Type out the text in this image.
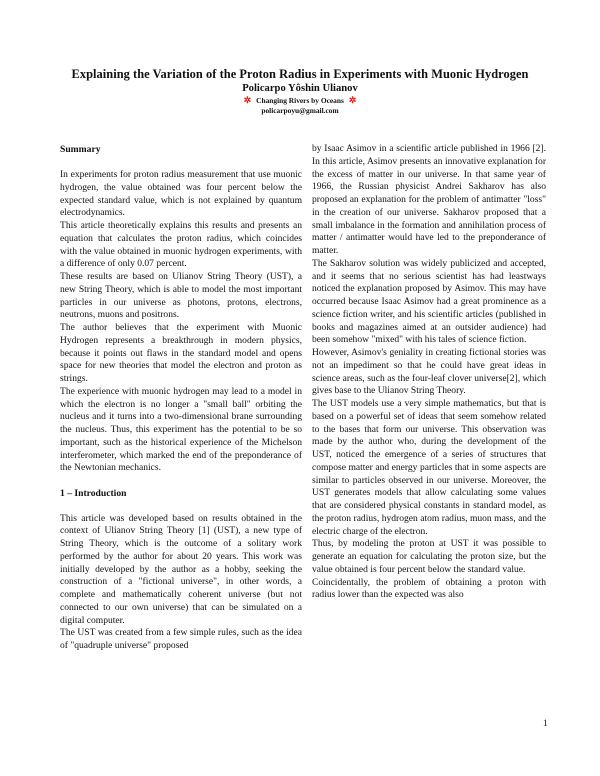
Explaining the Variation of the Proton Radius in Experiments with Muonic Hydrogen

Policarpo Yôshin Ulianov

✲ Changing Rivers by Oceans ✲

policarpoyu@gmail.com

Summary

In experiments for proton radius measurement that use muonic hydrogen, the value obtained was four percent below the expected standard value, which is not explained by quantum electrodynamics.

This article theoretically explains this results and presents an equation that calculates the proton radius, which coincides with the value obtained in muonic hydrogen experiments, with a difference of only 0.07 percent.

These results are based on Ulianov String Theory (UST), a new String Theory, which is able to model the most important particles in our universe as photons, protons, electrons, neutrons, muons and positrons.

The author believes that the experiment with Muonic Hydrogen represents a breakthrough in modern physics, because it points out flaws in the standard model and opens space for new theories that model the electron and proton as strings.

The experience with muonic hydrogen may lead to a model in which the electron is no longer a "small ball" orbiting the nucleus and it turns into a two-dimensional brane surrounding the nucleus. Thus, this experiment has the potential to be so important, such as the historical experience of the Michelson interferometer, which marked the end of the preponderance of the Newtonian mechanics.

1 – Introduction

This article was developed based on results obtained in the context of Ulianov String Theory [1] (UST), a new type of String Theory, which is the outcome of a solitary work performed by the author for about 20 years. This work was initially developed by the author as a hobby, seeking the construction of a "fictional universe", in other words, a complete and mathematically coherent universe (but not connected to our own universe) that can be simulated on a digital computer.

The UST was created from a few simple rules, such as the idea of "quadruple universe" proposed

by Isaac Asimov in a scientific article published in 1966 [2]. In this article, Asimov presents an innovative explanation for the excess of matter in our universe. In that same year of 1966, the Russian physicist Andrei Sakharov has also proposed an explanation for the problem of antimatter "loss" in the creation of our universe. Sakharov proposed that a small imbalance in the formation and annihilation process of matter / antimatter would have led to the preponderance of matter.

The Sakharov solution was widely publicized and accepted, and it seems that no serious scientist has had leastways noticed the explanation proposed by Asimov. This may have occurred because Isaac Asimov had a great prominence as a science fiction writer, and his scientific articles (published in books and magazines aimed at an outsider audience) had been somehow "mixed" with his tales of science fiction.

However, Asimov's geniality in creating fictional stories was not an impediment so that he could have great ideas in science areas, such as the four-leaf clover universe[2], which gives base to the Ulianov String Theory.

The UST models use a very simple mathematics, but that is based on a powerful set of ideas that seem somehow related to the bases that form our universe. This observation was made by the author who, during the development of the UST, noticed the emergence of a series of structures that compose matter and energy particles that in some aspects are similar to particles observed in our universe. Moreover, the UST generates models that allow calculating some values that are considered physical constants in standard model, as the proton radius, hydrogen atom radius, muon mass, and the electric charge of the electron.

Thus, by modeling the proton at UST it was possible to generate an equation for calculating the proton size, but the value obtained is four percent below the standard value.

Coincidentally, the problem of obtaining a proton with radius lower than the expected was also

1
